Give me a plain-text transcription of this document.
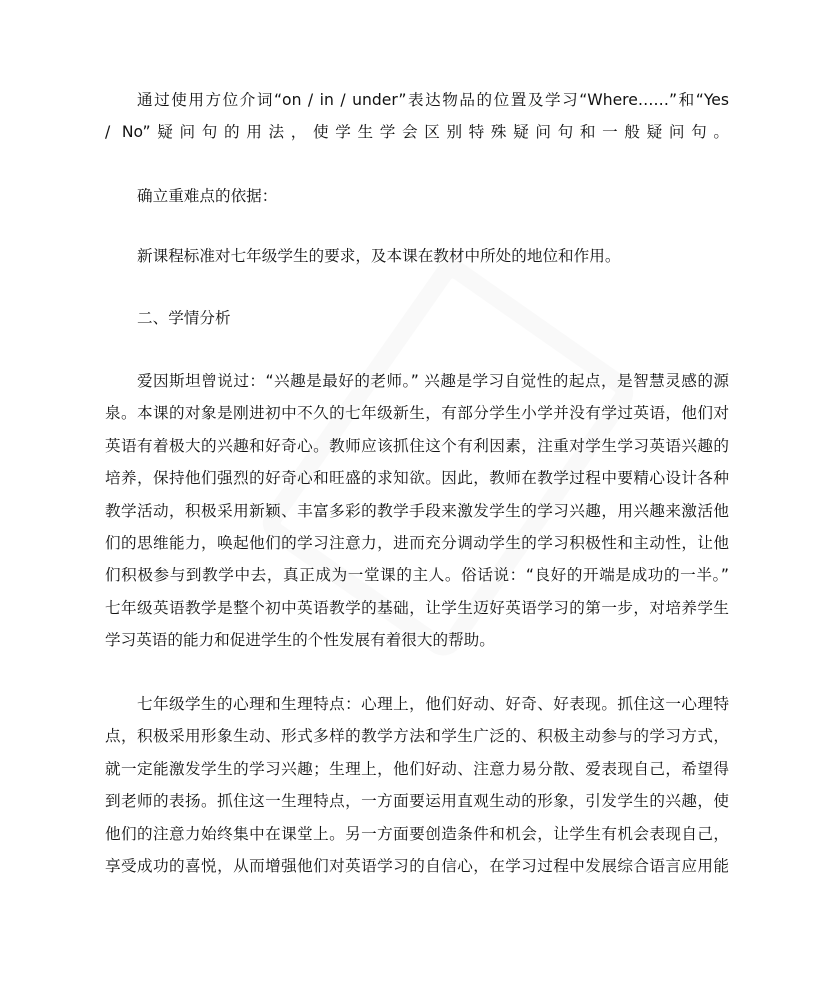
通过使用方位介词“on / in / under”表达物品的位置及学习“Where……”和“Yes
/ No”疑问句的用法，使学生学会区别特殊疑问句和一般疑问句。
确立重难点的依据：
新课程标准对七年级学生的要求，及本课在教材中所处的地位和作用。
二、学情分析
爱因斯坦曾说过：“兴趣是最好的老师。” 兴趣是学习自觉性的起点，是智慧灵感的源
泉。本课的对象是刚进初中不久的七年级新生，有部分学生小学并没有学过英语，他们对
英语有着极大的兴趣和好奇心。教师应该抓住这个有利因素，注重对学生学习英语兴趣的
培养，保持他们强烈的好奇心和旺盛的求知欲。因此，教师在教学过程中要精心设计各种
教学活动，积极采用新颖、丰富多彩的教学手段来激发学生的学习兴趣，用兴趣来激活他
们的思维能力，唤起他们的学习注意力，进而充分调动学生的学习积极性和主动性，让他
们积极参与到教学中去，真正成为一堂课的主人。俗话说：“良好的开端是成功的一半。”
七年级英语教学是整个初中英语教学的基础，让学生迈好英语学习的第一步，对培养学生
学习英语的能力和促进学生的个性发展有着很大的帮助。
七年级学生的心理和生理特点：心理上，他们好动、好奇、好表现。抓住这一心理特
点，积极采用形象生动、形式多样的教学方法和学生广泛的、积极主动参与的学习方式，
就一定能激发学生的学习兴趣；生理上，他们好动、注意力易分散、爱表现自己，希望得
到老师的表扬。抓住这一生理特点，一方面要运用直观生动的形象，引发学生的兴趣，使
他们的注意力始终集中在课堂上。另一方面要创造条件和机会，让学生有机会表现自己，
享受成功的喜悦，从而增强他们对英语学习的自信心，在学习过程中发展综合语言应用能
